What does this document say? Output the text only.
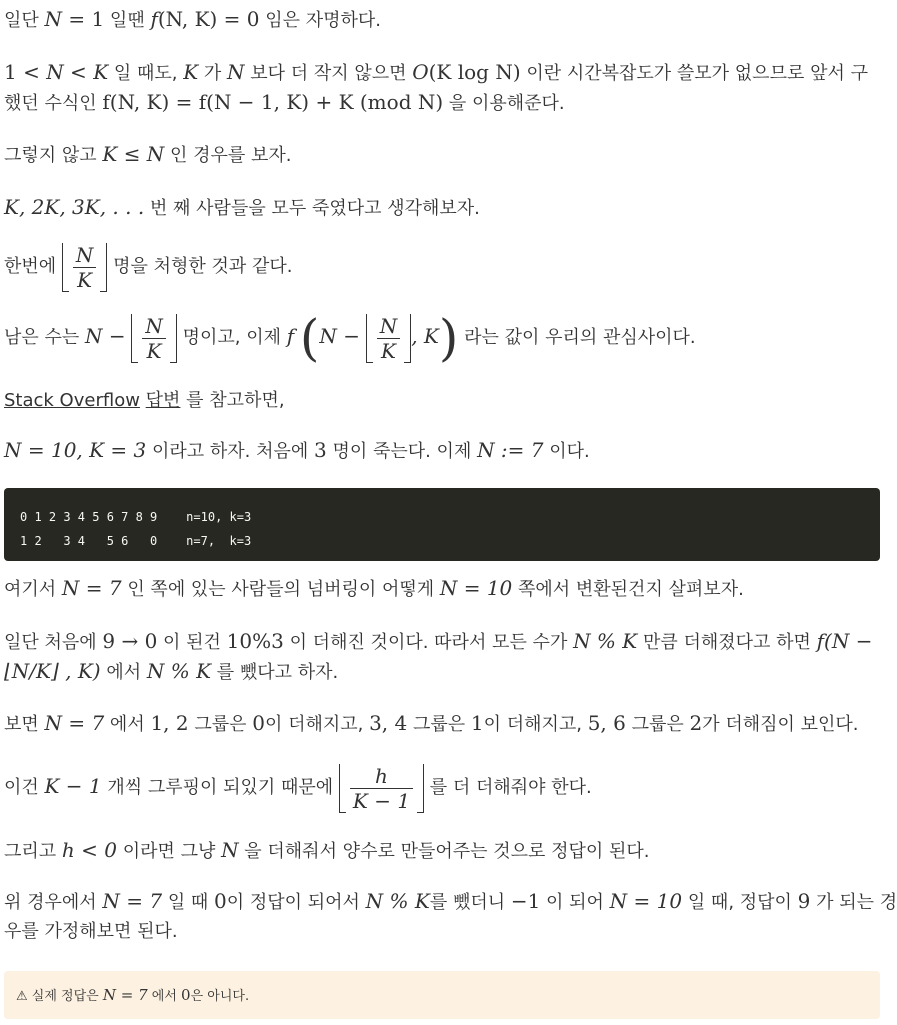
일단 N = 1 일땐 f(N, K) = 0 임은 자명하다.
1 < N < K 일 때도, K 가 N 보다 더 작지 않으면 O(K log N) 이란 시간복잡도가 쓸모가 없으므로 앞서 구
했던 수식인 f(N, K) = f(N − 1, K) + K (mod N) 을 이용해준다.
그렇지 않고 K ≤ N 인 경우를 보자.
K, 2K, 3K, . . . 번 째 사람들을 모두 죽였다고 생각해보자.
한번에 $\frac{N}{K}$ 명을 처형한 것과 같다.
남은 수는 $N - \frac{N}{K}$ 명이고, 이제 f ($N - \frac{N}{K}$ , K) 라는 값이 우리의 관심사이다.
Stack Overflow 답변 를 참고하면,
N = 10, K = 3 이라고 하자. 처음에 3 명이 죽는다. 이제 N := 7 이다.
0 1 2 3 4 5 6 7 8 9    n=10, k=3
1 2   3 4   5 6   0    n=7,  k=3
여기서 N = 7 인 쪽에 있는 사람들의 넘버링이 어떻게 N = 10 쪽에서 변환된건지 살펴보자.
일단 처음에 9 → 0 이 된건 10%3 이 더해진 것이다. 따라서 모든 수가 N % K 만큼 더해졌다고 하면 f(N −
⌊N/K⌋ , K) 에서 N % K 를 뺐다고 하자.
보면 N = 7 에서 1, 2 그룹은 0이 더해지고, 3, 4 그룹은 1이 더해지고, 5, 6 그룹은 2가 더해짐이 보인다.
이건 K − 1 개씩 그루핑이 되있기 때문에 $\frac{h}{K - 1}$ 를 더 더해줘야 한다.
그리고 h < 0 이라면 그냥 N 을 더해줘서 양수로 만들어주는 것으로 정답이 된다.
위 경우에서 N = 7 일 때 0이 정답이 되어서 N % K를 뺐더니 −1 이 되어 N = 10 일 때, 정답이 9 가 되는 경
우를 가정해보면 된다.
⚠ 실제 정답은 N = 7 에서 0은 아니다.
